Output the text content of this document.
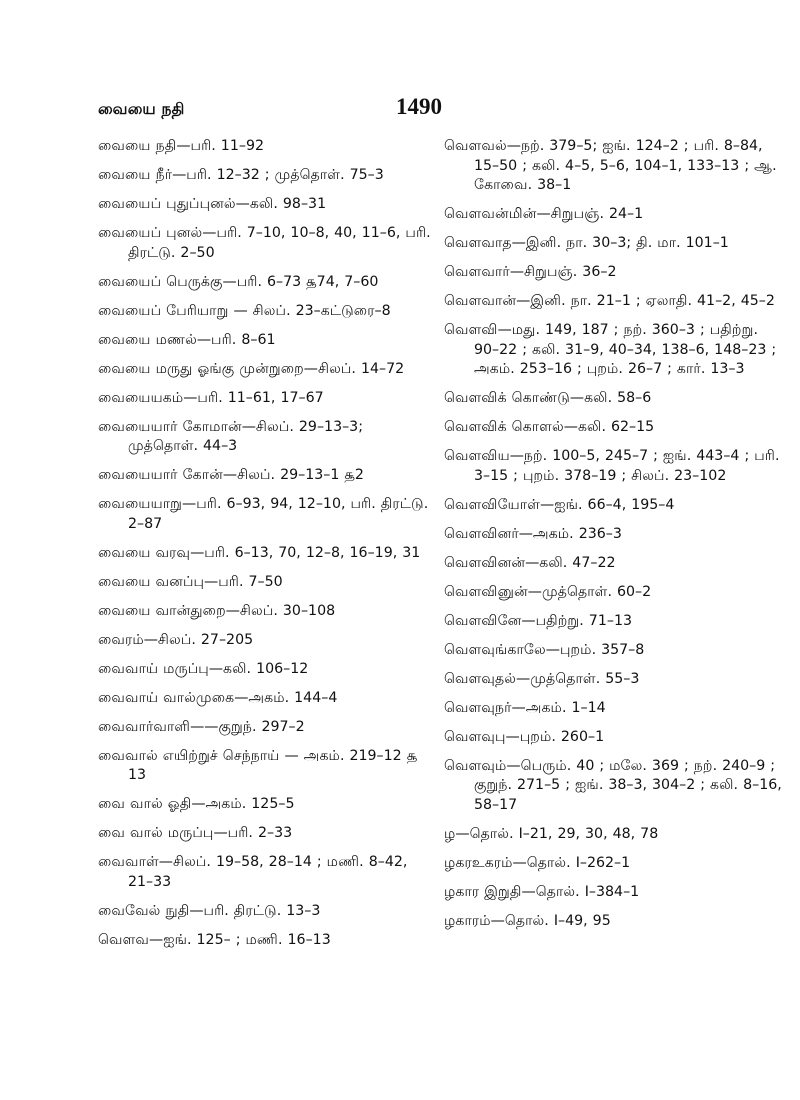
வையை நதி	1490
வையை நதி—பரி. 11–92
வையை நீர்—பரி. 12–32 ; முத்தொள். 75–3
வையைப் புதுப்புனல்—கலி. 98–31
வையைப் புனல்—பரி. 7–10, 10–8, 40, 11–6, பரி. திரட்டு. 2–50
வையைப் பெருக்கு—பரி. 6–73 ௲74, 7–60
வையைப் பேரியாறு — சிலப். 23–கட்டுரை–8
வையை மணல்—பரி. 8–61
வையை மருது ஓங்கு முன்றுறை—சிலப். 14–72
வையையகம்—பரி. 11–61, 17–67
வையையார் கோமான்—சிலப். 29–13–3; முத்தொள். 44–3
வையையார் கோன்—சிலப். 29–13–1 ௲2
வையையாறு—பரி. 6–93, 94, 12–10, பரி. திரட்டு. 2–87
வையை வரவு—பரி. 6–13, 70, 12–8, 16–19, 31
வையை வனப்பு—பரி. 7–50
வையை வான்துறை—சிலப். 30–108
வைரம்—சிலப். 27–205
வைவாய் மருப்பு—கலி. 106–12
வைவாய் வால்முகை—அகம். 144–4
வைவார்வாளி——குறுந். 297–2
வைவால் எயிற்றுச் செந்நாய் — அகம். 219–12 ௲ 13
வை வால் ஓதி—அகம். 125–5
வை வால் மருப்பு—பரி. 2–33
வைவாள்—சிலப். 19–58, 28–14 ; மணி. 8–42, 21–33
வைவேல் நுதி—பரி. திரட்டு. 13–3
வெளவ—ஐங். 125– ; மணி. 16–13
வெளவல்—நற். 379–5; ஐங். 124–2 ; பரி. 8–84, 15–50 ; கலி. 4–5, 5–6, 104–1, 133–13 ; ஆ. கோவை. 38–1
வெளவன்மின்—சிறுபஞ். 24–1
வெளவாத—இனி. நா. 30–3; தி. மா. 101–1
வெளவார்—சிறுபஞ். 36–2
வெளவான்—இனி. நா. 21–1 ; ஏலாதி. 41–2, 45–2
வெளவி—மது. 149, 187 ; நற். 360–3 ; பதிற்று. 90–22 ; கலி. 31–9, 40–34, 138–6, 148–23 ; அகம். 253–16 ; புறம். 26–7 ; கார். 13–3
வெளவிக் கொண்டு—கலி. 58–6
வெளவிக் கொளல்—கலி. 62–15
வெளவிய—நற். 100–5, 245–7 ; ஐங். 443–4 ; பரி. 3–15 ; புறம். 378–19 ; சிலப். 23–102
வெளவியோள்—ஐங். 66–4, 195–4
வெளவினர்—அகம். 236–3
வெளவினன்—கலி. 47–22
வெளவினுன்—முத்தொள். 60–2
வெளவினே—பதிற்று. 71–13
வெளவுங்காலே—புறம். 357–8
வெளவுதல்—முத்தொள். 55–3
வெளவுநர்—அகம். 1–14
வெளவுபு—புறம். 260–1
வெளவும்—பெரும். 40 ; மலே. 369 ; நற். 240–9 ; குறுந். 271–5 ; ஐங். 38–3, 304–2 ; கலி. 8–16, 58–17
ழ—தொல். I–21, 29, 30, 48, 78
ழகரஉகரம்—தொல். I–262–1
ழகார இறுதி—தொல். I–384–1
ழகாரம்—தொல். I–49, 95
